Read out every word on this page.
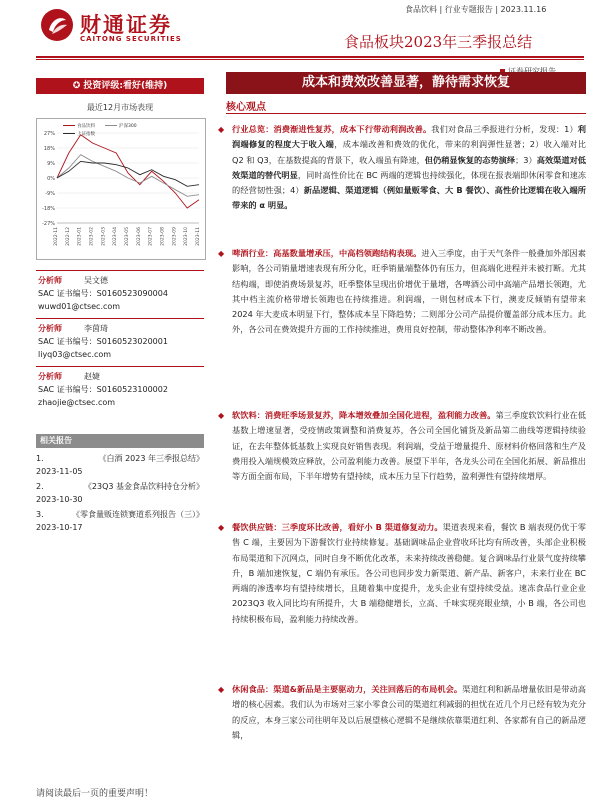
财通证券
CAITONG SECURITIES
食品饮料 | 行业专题报告 | 2023.11.16
食品板块2023年三季报总结
✪ 投资评级:看好(维持)
最近12月市场表现
27%
18%
9%
0%
-9%
-18%
-27%
2022-11 2022-12 2023-01 2023-02 2023-03 2023-04 2023-05 2023-06 2023-07 2023-08 2023-09 2023-10 2023-11
食品饮料	沪深300
上证指数
分析师	吴文德
SAC 证书编号：S0160523090004
wuwd01@ctsec.com
分析师	李茵琦
SAC 证书编号：S0160523020001
liyq03@ctsec.com
分析师	赵婕
SAC 证书编号：S0160523100002
zhaojie@ctsec.com
相关报告
1.	《白酒 2023 年三季报总结》
2023-11-05
2.	《23Q3 基金食品饮料持仓分析》
2023-10-30
3.	《零食量贩连锁赛道系列报告（三）》
2023-10-17
成本和费效改善显著，静待需求恢复
核心观点
◆ 行业总览：消费渐进性复苏，成本下行带动利润改善。我们对食品三季报进行分析，发现：1）利润端修复的程度大于收入端，成本端改善和费效的优化，带来的利润弹性显著；2）收入端对比 Q2 和 Q3，在基数提高的背景下，收入端虽有降速，但仍稍显恢复的态势演绎；3）高效渠道对低效渠道的替代明显，同时高性价比在 BC 两端的逻辑也持续强化，体现在报表端即休闲零食和速冻的经营韧性强；4）新品逻辑、渠道逻辑（例如量贩零食、大 B 餐饮）、高性价比逻辑在收入端所带来的 α 明显。
◆ 啤酒行业：高基数量增承压，中高档领跑结构表现。进入三季度，由于天气条件一般叠加外部因素影响，各公司销量增速表现有所分化，旺季销量端整体仍有压力，但高端化进程并未被打断。尤其结构端，即使消费场景复苏，旺季整体呈现出价增优于量增，各啤酒公司中高端产品增长领跑，尤其中档主流价格带增长领跑也在持续推进。利润端，一则包材成本下行，澳麦反倾销有望带来 2024 年大麦成本明显下行，整体成本呈下降趋势；二则部分公司产品提价覆盖部分成本压力。此外，各公司在费效提升方面的工作持续推进，费用良好控制，带动整体净利率不断改善。
◆ 软饮料：消费旺季场景复苏，降本增效叠加全国化进程，盈利能力改善。第三季度软饮料行业在低基数上增速显著，受疫情政策调整和消费复苏，各公司全国化铺货及新品第二曲线等逻辑持续验证，在去年整体低基数上实现良好销售表现。利润端，受益于增量提升、原材料价格回落和生产及费用投入端规模效应释放，公司盈利能力改善。展望下半年，各龙头公司在全国化拓展、新品推出等方面全面布局，下半年增势有望持续，成本压力呈下行趋势，盈利弹性有望持续增厚。
◆ 餐饮供应链：三季度环比改善，看好小 B 渠道修复动力。渠道表现来看，餐饮 B 端表现仍优于零售 C 端，主要因为下游餐饮行业持续修复。基础调味品企业营收环比均有所改善，头部企业积极布局渠道和下沉网点，同时自身不断优化改革，未来持续改善稳健。复合调味品行业景气度持续攀升，B 端加速恢复，C 端仍有承压。各公司也同步发力新渠道、新产品、新客户，未来行业在 BC 两端的渗透率均有望持续增长，且随着集中度提升，龙头企业有望持续受益。速冻食品行业企业 2023Q3 收入同比均有所提升，大 B 端稳健增长，立高、千味实现亮眼业绩，小 B 端，各公司也持续积极布局，盈利能力持续改善。
◆ 休闲食品：渠道&新品是主要驱动力，关注回落后的布局机会。渠道红利和新品增量依旧是带动高增的核心因素。我们认为市场对三家小零食公司的渠道红利减弱的担忧在近几个月已经有较为充分的反应，本身三家公司往明年及以后展望核心逻辑不是继续依靠渠道红利、各家都有自己的新品逻辑，
请阅读最后一页的重要声明！
